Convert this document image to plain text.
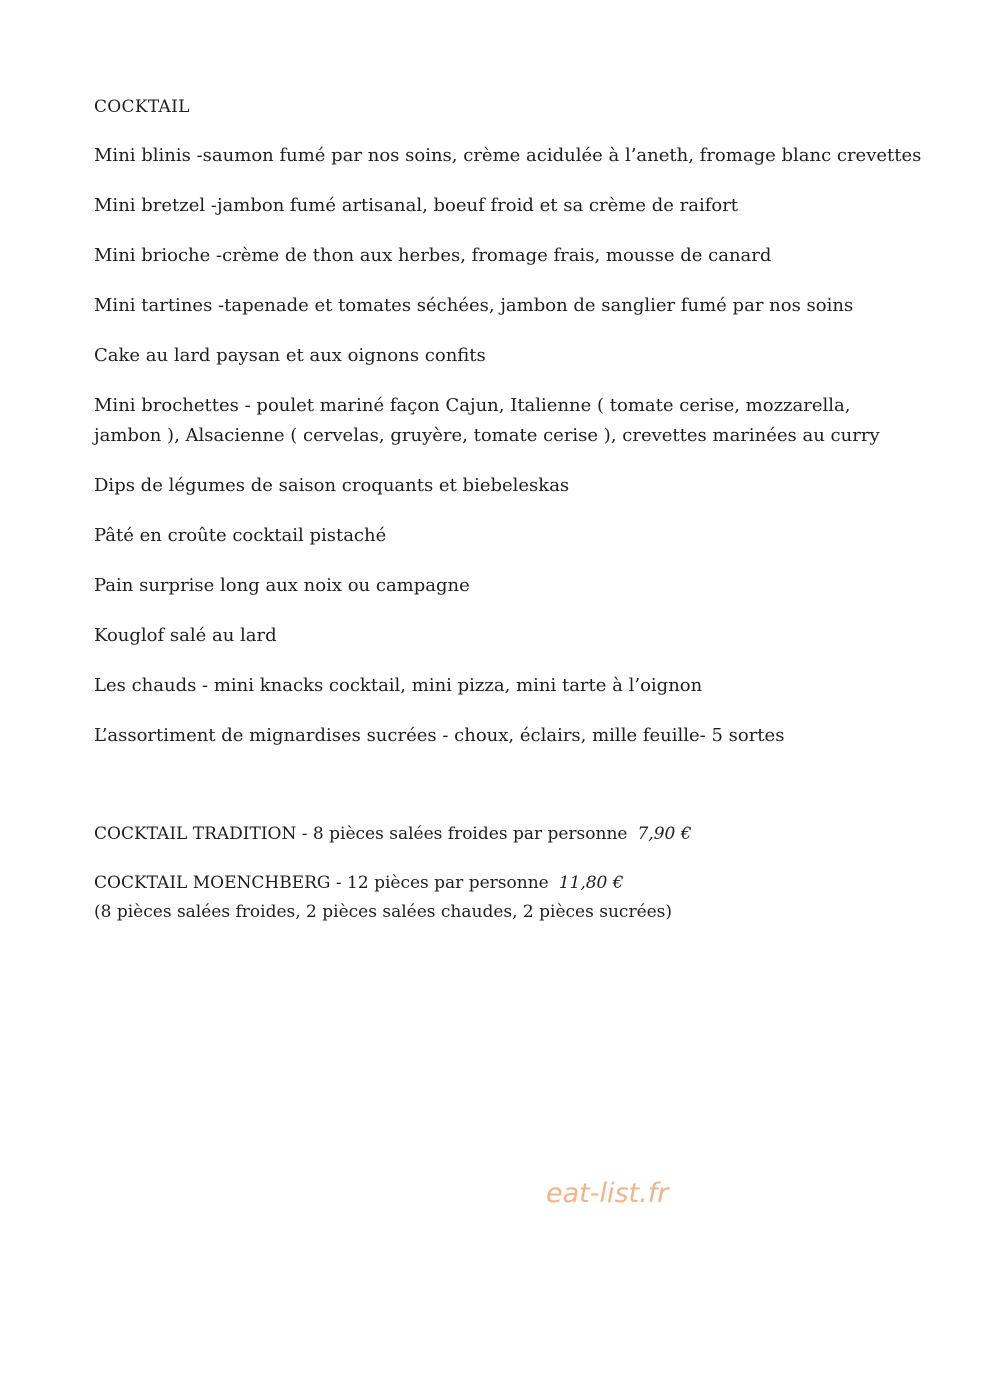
COCKTAIL
Mini blinis -saumon fumé par nos soins, crème acidulée à l’aneth, fromage blanc crevettes
Mini bretzel -jambon fumé artisanal, boeuf froid et sa crème de raifort
Mini brioche -crème de thon aux herbes, fromage frais, mousse de canard
Mini tartines -tapenade et tomates séchées, jambon de sanglier fumé par nos soins
Cake au lard paysan et aux oignons confits
Mini brochettes - poulet mariné façon Cajun, Italienne ( tomate cerise, mozzarella,
jambon ), Alsacienne ( cervelas, gruyère, tomate cerise ), crevettes marinées au curry
Dips de légumes de saison croquants et biebeleskas
Pâté en croûte cocktail pistaché
Pain surprise long aux noix ou campagne
Kouglof salé au lard
Les chauds - mini knacks cocktail, mini pizza, mini tarte à l’oignon
L’assortiment de mignardises sucrées - choux, éclairs, mille feuille- 5 sortes
COCKTAIL TRADITION - 8 pièces salées froides par personne 7,90 €
COCKTAIL MOENCHBERG - 12 pièces par personne 11,80 €
(8 pièces salées froides, 2 pièces salées chaudes, 2 pièces sucrées)
eat-list.fr
